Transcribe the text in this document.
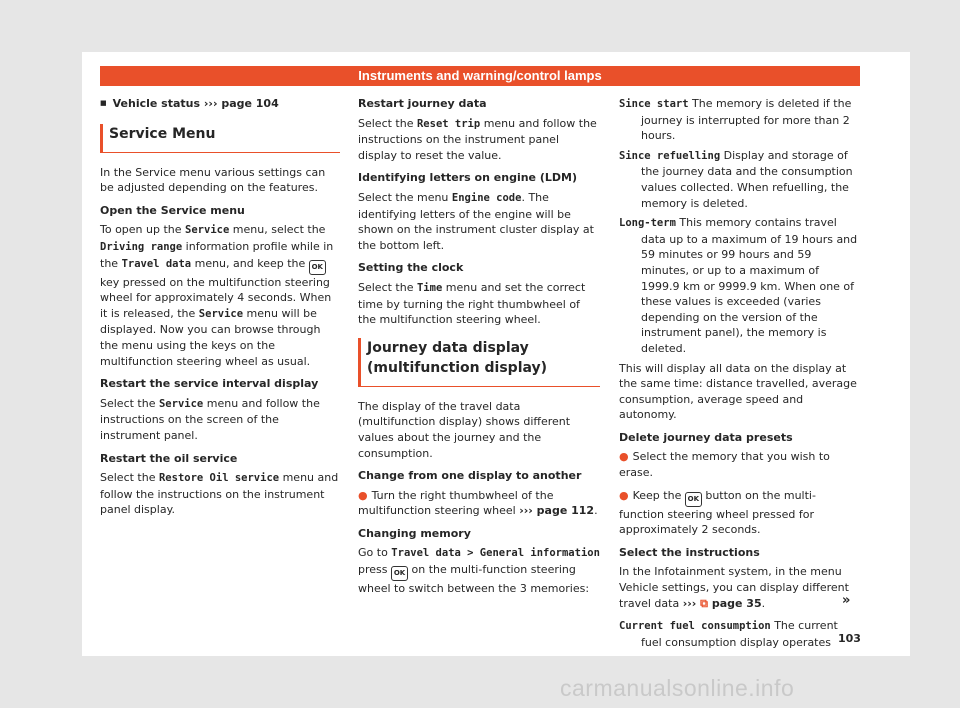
Instruments and warning/control lamps

■ Vehicle status ››› page 104

Service Menu

In the Service menu various settings can be adjusted depending on the features.

Open the Service menu

To open up the Service menu, select the Driving range information profile while in the Travel data menu, and keep the OK key pressed on the multifunction steering wheel for approximately 4 seconds. When it is released, the Service menu will be displayed. Now you can browse through the menu using the keys on the multifunction steering wheel as usual.

Restart the service interval display

Select the Service menu and follow the instructions on the screen of the instrument panel.

Restart the oil service

Select the Restore Oil service menu and follow the instructions on the instrument panel display.

Restart journey data

Select the Reset trip menu and follow the instructions on the instrument panel display to reset the value.

Identifying letters on engine (LDM)

Select the menu Engine code. The identifying letters of the engine will be shown on the instrument cluster display at the bottom left.

Setting the clock

Select the Time menu and set the correct time by turning the right thumbwheel of the multifunction steering wheel.

Journey data display (multifunction display)

The display of the travel data (multifunction display) shows different values about the journey and the consumption.

Change from one display to another

● Turn the right thumbwheel of the multifunction steering wheel ››› page 112.

Changing memory

Go to Travel data > General information press OK on the multi-function steering wheel to switch between the 3 memories:

Since start The memory is deleted if the journey is interrupted for more than 2 hours.

Since refuelling Display and storage of the journey data and the consumption values collected. When refuelling, the memory is deleted.

Long-term This memory contains travel data up to a maximum of 19 hours and 59 minutes or 99 hours and 59 minutes, or up to a maximum of 1999.9 km or 9999.9 km. When one of these values is exceeded (varies depending on the version of the instrument panel), the memory is deleted.

This will display all data on the display at the same time: distance travelled, average consumption, average speed and autonomy.

Delete journey data presets

● Select the memory that you wish to erase.

● Keep the OK button on the multi-function steering wheel pressed for approximately 2 seconds.

Select the instructions

In the Infotainment system, in the menu Vehicle settings, you can display different travel data ››› ⧉ page 35.

Current fuel consumption The current fuel consumption display operates

»
103
carmanualsonline.info
